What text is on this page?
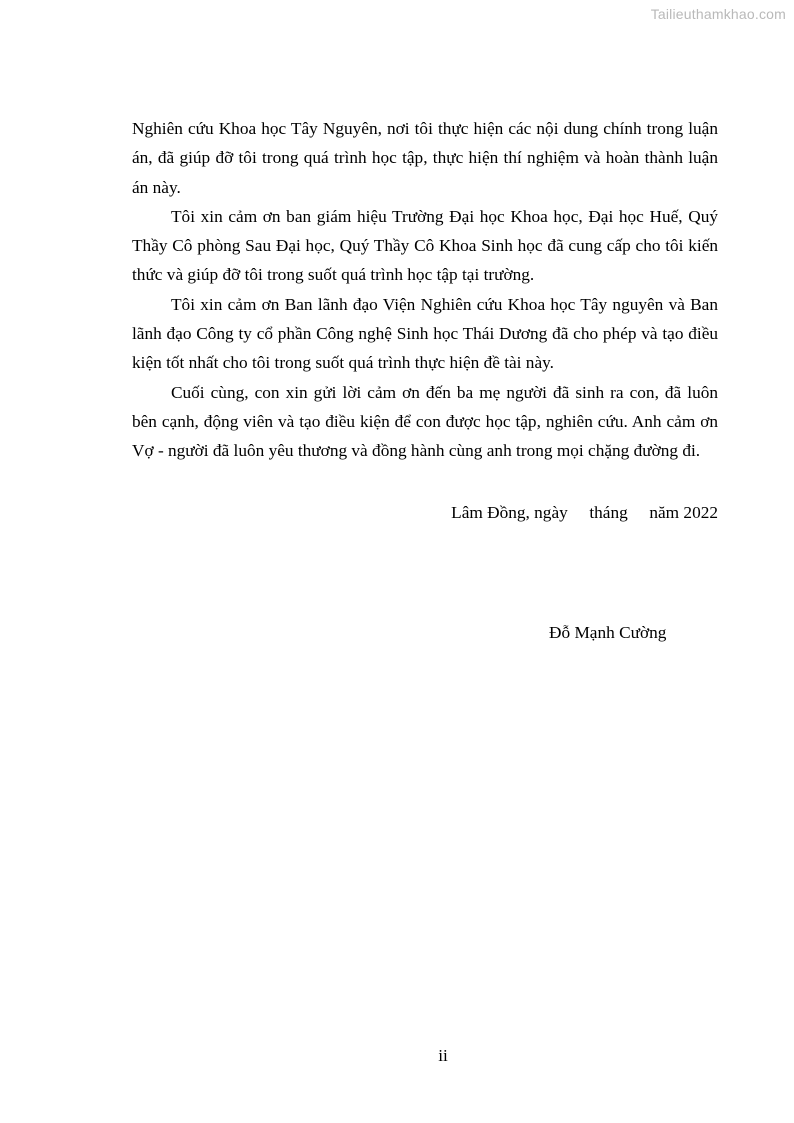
Tailieuthamkhao.com

Nghiên cứu Khoa học Tây Nguyên, nơi tôi thực hiện các nội dung chính trong luận án, đã giúp đỡ tôi trong quá trình học tập, thực hiện thí nghiệm và hoàn thành luận án này.

Tôi xin cảm ơn ban giám hiệu Trường Đại học Khoa học, Đại học Huế, Quý Thầy Cô phòng Sau Đại học, Quý Thầy Cô Khoa Sinh học đã cung cấp cho tôi kiến thức và giúp đỡ tôi trong suốt quá trình học tập tại trường.

Tôi xin cảm ơn Ban lãnh đạo Viện Nghiên cứu Khoa học Tây nguyên và Ban lãnh đạo Công ty cổ phần Công nghệ Sinh học Thái Dương đã cho phép và tạo điều kiện tốt nhất cho tôi trong suốt quá trình thực hiện đề tài này.

Cuối cùng, con xin gửi lời cảm ơn đến ba mẹ người đã sinh ra con, đã luôn bên cạnh, động viên và tạo điều kiện để con được học tập, nghiên cứu. Anh cảm ơn Vợ - người đã luôn yêu thương và đồng hành cùng anh trong mọi chặng đường đi.

Lâm Đồng, ngày     tháng     năm 2022
Đỗ Mạnh Cường
ii
